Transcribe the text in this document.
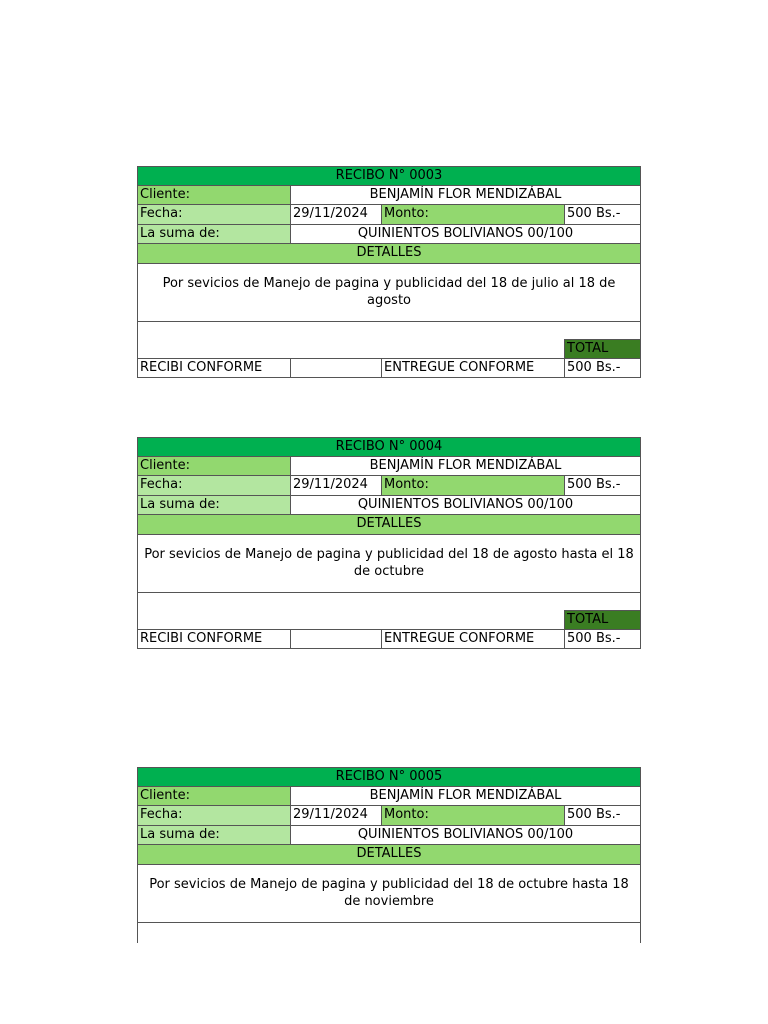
RECIBO N° 0003
Cliente:	BENJAMÍN FLOR MENDIZÁBAL
Fecha:	29/11/2024	Monto:	500 Bs.-
La suma de:	QUINIENTOS BOLIVIANOS 00/100
DETALLES
Por sevicios de Manejo de pagina y publicidad del 18 de julio al 18 de agosto
TOTAL
RECIBI CONFORME	ENTREGUE CONFORME	500 Bs.-
RECIBO N° 0004
Cliente:	BENJAMÍN FLOR MENDIZÁBAL
Fecha:	29/11/2024	Monto:	500 Bs.-
La suma de:	QUINIENTOS BOLIVIANOS 00/100
DETALLES
Por sevicios de Manejo de pagina y publicidad del 18 de agosto hasta el 18 de octubre
TOTAL
RECIBI CONFORME	ENTREGUE CONFORME	500 Bs.-
RECIBO N° 0005
Cliente:	BENJAMÍN FLOR MENDIZÁBAL
Fecha:	29/11/2024	Monto:	500 Bs.-
La suma de:	QUINIENTOS BOLIVIANOS 00/100
DETALLES
Por sevicios de Manejo de pagina y publicidad del 18 de octubre hasta 18 de noviembre
